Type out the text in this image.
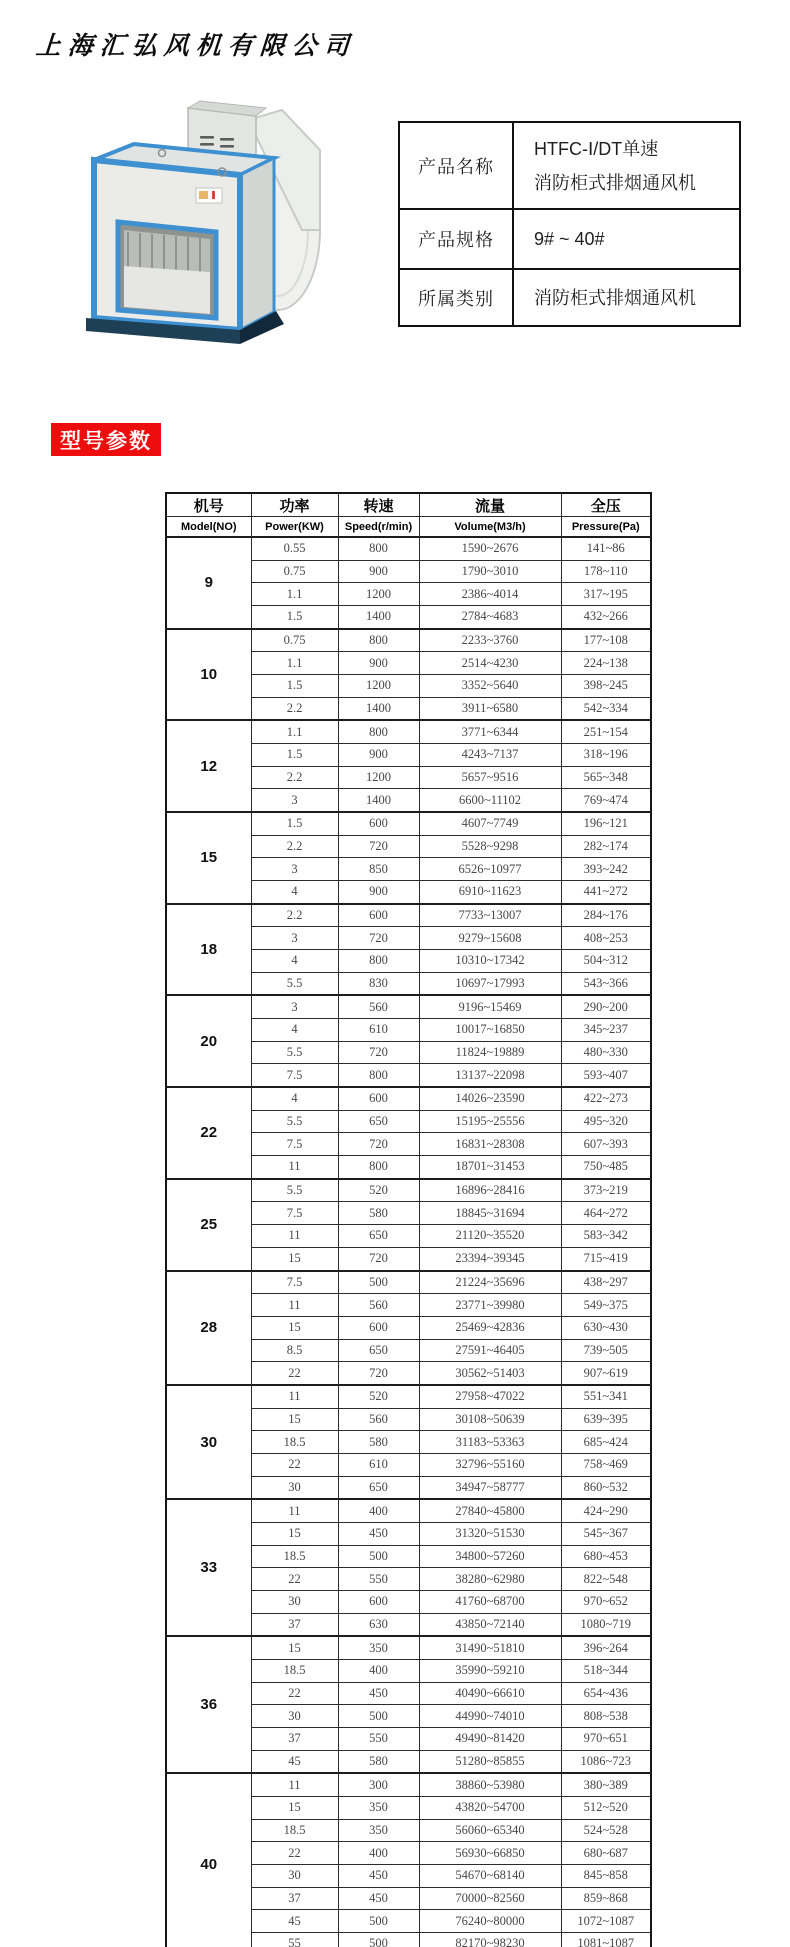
上海汇弘风机有限公司
产品名称	HTFC-Ⅰ/DT单速
消防柜式排烟通风机

产品规格	9# ~ 40#
所属类别	消防柜式排烟通风机
型号参数
机号	功率	转速	流量	全压
Model(NO)	Power(KW)	Speed(r/min)	Volume(M3/h)	Pressure(Pa)
9	0.55	800	1590~2676	141~86
	0.75	900	1790~3010	178~110
	1.1	1200	2386~4014	317~195
	1.5	1400	2784~4683	432~266
10	0.75	800	2233~3760	177~108
	1.1	900	2514~4230	224~138
	1.5	1200	3352~5640	398~245
	2.2	1400	3911~6580	542~334
12	1.1	800	3771~6344	251~154
	1.5	900	4243~7137	318~196
	2.2	1200	5657~9516	565~348
	3	1400	6600~11102	769~474
15	1.5	600	4607~7749	196~121
	2.2	720	5528~9298	282~174
	3	850	6526~10977	393~242
	4	900	6910~11623	441~272
18	2.2	600	7733~13007	284~176
	3	720	9279~15608	408~253
	4	800	10310~17342	504~312
	5.5	830	10697~17993	543~366
20	3	560	9196~15469	290~200
	4	610	10017~16850	345~237
	5.5	720	11824~19889	480~330
	7.5	800	13137~22098	593~407
22	4	600	14026~23590	422~273
	5.5	650	15195~25556	495~320
	7.5	720	16831~28308	607~393
	11	800	18701~31453	750~485
25	5.5	520	16896~28416	373~219
	7.5	580	18845~31694	464~272
	11	650	21120~35520	583~342
	15	720	23394~39345	715~419
28	7.5	500	21224~35696	438~297
	11	560	23771~39980	549~375
	15	600	25469~42836	630~430
	8.5	650	27591~46405	739~505
	22	720	30562~51403	907~619
30	11	520	27958~47022	551~341
	15	560	30108~50639	639~395
	18.5	580	31183~53363	685~424
	22	610	32796~55160	758~469
	30	650	34947~58777	860~532
33	11	400	27840~45800	424~290
	15	450	31320~51530	545~367
	18.5	500	34800~57260	680~453
	22	550	38280~62980	822~548
	30	600	41760~68700	970~652
	37	630	43850~72140	1080~719
36	15	350	31490~51810	396~264
	18.5	400	35990~59210	518~344
	22	450	40490~66610	654~436
	30	500	44990~74010	808~538
	37	550	49490~81420	970~651
	45	580	51280~85855	1086~723
40	11	300	38860~53980	380~389
	15	350	43820~54700	512~520
	18.5	350	56060~65340	524~528
	22	400	56930~66850	680~687
	30	450	54670~68140	845~858
	37	450	70000~82560	859~868
	45	500	76240~80000	1072~1087
	55	500	82170~98230	1081~1087
